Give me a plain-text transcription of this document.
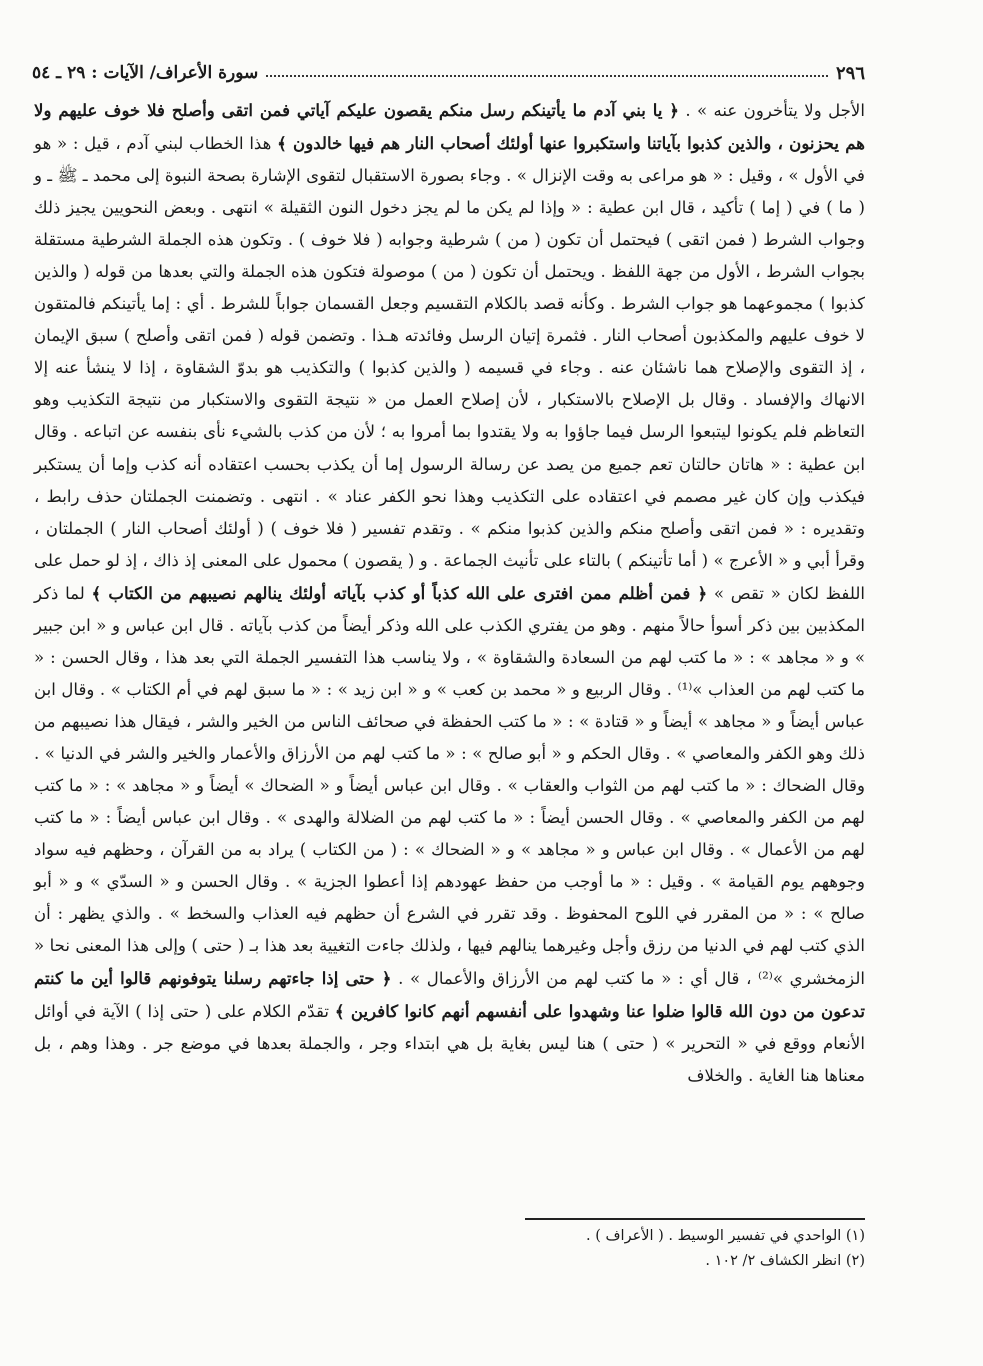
٢٩٦
سورة الأعراف/ الآيات : ٢٩ ـ ٥٤

الأجل ولا يتأخرون عنه » . ﴿ يا بني آدم ما يأتينكم رسل منكم يقصون عليكم آياتي فمن اتقى وأصلح فلا خوف عليهم ولا هم يحزنون ، والذين كذبوا بآياتنا واستكبروا عنها أولئك أصحاب النار هم فيها خالدون ﴾ هذا الخطاب لبني آدم ، قيل : « هو في الأول » ، وقيل : « هو مراعى به وقت الإنزال » . وجاء بصورة الاستقبال لتقوى الإشارة بصحة النبوة إلى محمد ـ ﷺ ـ و ( ما ) في ( إما ) تأكيد ، قال ابن عطية : « وإذا لم يكن ما لم يجز دخول النون الثقيلة » انتهى . وبعض النحويين يجيز ذلك وجواب الشرط ( فمن اتقى ) فيحتمل أن تكون ( من ) شرطية وجوابه ( فلا خوف ) . وتكون هذه الجملة الشرطية مستقلة بجواب الشرط ، الأول من جهة اللفظ . ويحتمل أن تكون ( من ) موصولة فتكون هذه الجملة والتي بعدها من قوله ( والذين كذبوا ) مجموعهما هو جواب الشرط . وكأنه قصد بالكلام التقسيم وجعل القسمان جواباً للشرط . أي : إما يأتينكم فالمتقون لا خوف عليهم والمكذبون أصحاب النار . فثمرة إتيان الرسل وفائدته هـذا . وتضمن قوله ( فمن اتقى وأصلح ) سبق الإيمان ، إذ التقوى والإصلاح هما ناشئان عنه . وجاء في قسيمه ( والذين كذبوا ) والتكذيب هو بدوّ الشقاوة ، إذا لا ينشأ عنه إلا الانهاك والإفساد . وقال بل الإصلاح بالاستكبار ، لأن إصلاح العمل من « نتيجة التقوى والاستكبار من نتيجة التكذيب وهو التعاظم فلم يكونوا ليتبعوا الرسل فيما جاؤوا به ولا يقتدوا بما أمروا به ؛ لأن من كذب بالشيء نأى بنفسه عن اتباعه . وقال ابن عطية : « هاتان حالتان تعم جميع من يصد عن رسالة الرسول إما أن يكذب بحسب اعتقاده أنه كذب وإما أن يستكبر فيكذب وإن كان غير مصمم في اعتقاده على التكذيب وهذا نحو الكفر عناد » . انتهى . وتضمنت الجملتان حذف رابط ، وتقديره : « فمن اتقى وأصلح منكم والذين كذبوا منكم » . وتقدم تفسير ( فلا خوف ) ( أولئك أصحاب النار ) الجملتان ، وقرأ أبي و « الأعرج » ( أما تأتينكم ) بالتاء على تأنيث الجماعة . و ( يقصون ) محمول على المعنى إذ ذاك ، إذ لو حمل على اللفظ لكان « تقص » ﴿ فمن أظلم ممن افترى على الله كذباً أو كذب بآياته أولئك ينالهم نصيبهم من الكتاب ﴾ لما ذكر المكذبين بين ذكر أسوأ حالاً منهم . وهو من يفتري الكذب على الله وذكر أيضاً من كذب بآياته . قال ابن عباس و « ابن جبير » و « مجاهد » : « ما كتب لهم من السعادة والشقاوة » ، ولا يناسب هذا التفسير الجملة التي بعد هذا ، وقال الحسن : « ما كتب لهم من العذاب »⁽¹⁾ . وقال الربيع و « محمد بن كعب » و « ابن زيد » : « ما سبق لهم في أم الكتاب » . وقال ابن عباس أيضاً و « مجاهد » أيضاً و « قتادة » : « ما كتب الحفظة في صحائف الناس من الخير والشر ، فيقال هذا نصيبهم من ذلك وهو الكفر والمعاصي » . وقال الحكم و « أبو صالح » : « ما كتب لهم من الأرزاق والأعمار والخير والشر في الدنيا » . وقال الضحاك : « ما كتب لهم من الثواب والعقاب » . وقال ابن عباس أيضاً و « الضحاك » أيضاً و « مجاهد » : « ما كتب لهم من الكفر والمعاصي » . وقال الحسن أيضاً : « ما كتب لهم من الضلالة والهدى » . وقال ابن عباس أيضاً : « ما كتب لهم من الأعمال » . وقال ابن عباس و « مجاهد » و « الضحاك » : ( من الكتاب ) يراد به من القرآن ، وحظهم فيه سواد وجوههم يوم القيامة » . وقيل : « ما أوجب من حفظ عهودهم إذا أعطوا الجزية » . وقال الحسن و « السدّي » و « أبو صالح » : « من المقرر في اللوح المحفوظ . وقد تقرر في الشرع أن حظهم فيه العذاب والسخط » . والذي يظهر : أن الذي كتب لهم في الدنيا من رزق وأجل وغيرهما ينالهم فيها ، ولذلك جاءت التغيية بعد هذا بـ ( حتى ) وإلى هذا المعنى نحا « الزمخشري »⁽²⁾ ، قال أي : « ما كتب لهم من الأرزاق والأعمال » . ﴿ حتى إذا جاءتهم رسلنا يتوفونهم قالوا أين ما كنتم تدعون من دون الله قالوا ضلوا عنا وشهدوا على أنفسهم أنهم كانوا كافرين ﴾ تقدّم الكلام على ( حتى إذا ) الآية في أوائل الأنعام ووقع في « التحرير » ( حتى ) هنا ليس بغاية بل هي ابتداء وجر ، والجملة بعدها في موضع جر . وهذا وهم ، بل معناها هنا الغاية . والخلاف

(١) الواحدي في تفسير الوسيط . ( الأعراف ) .
(٢) انظر الكشاف ٢/ ١٠٢ .
